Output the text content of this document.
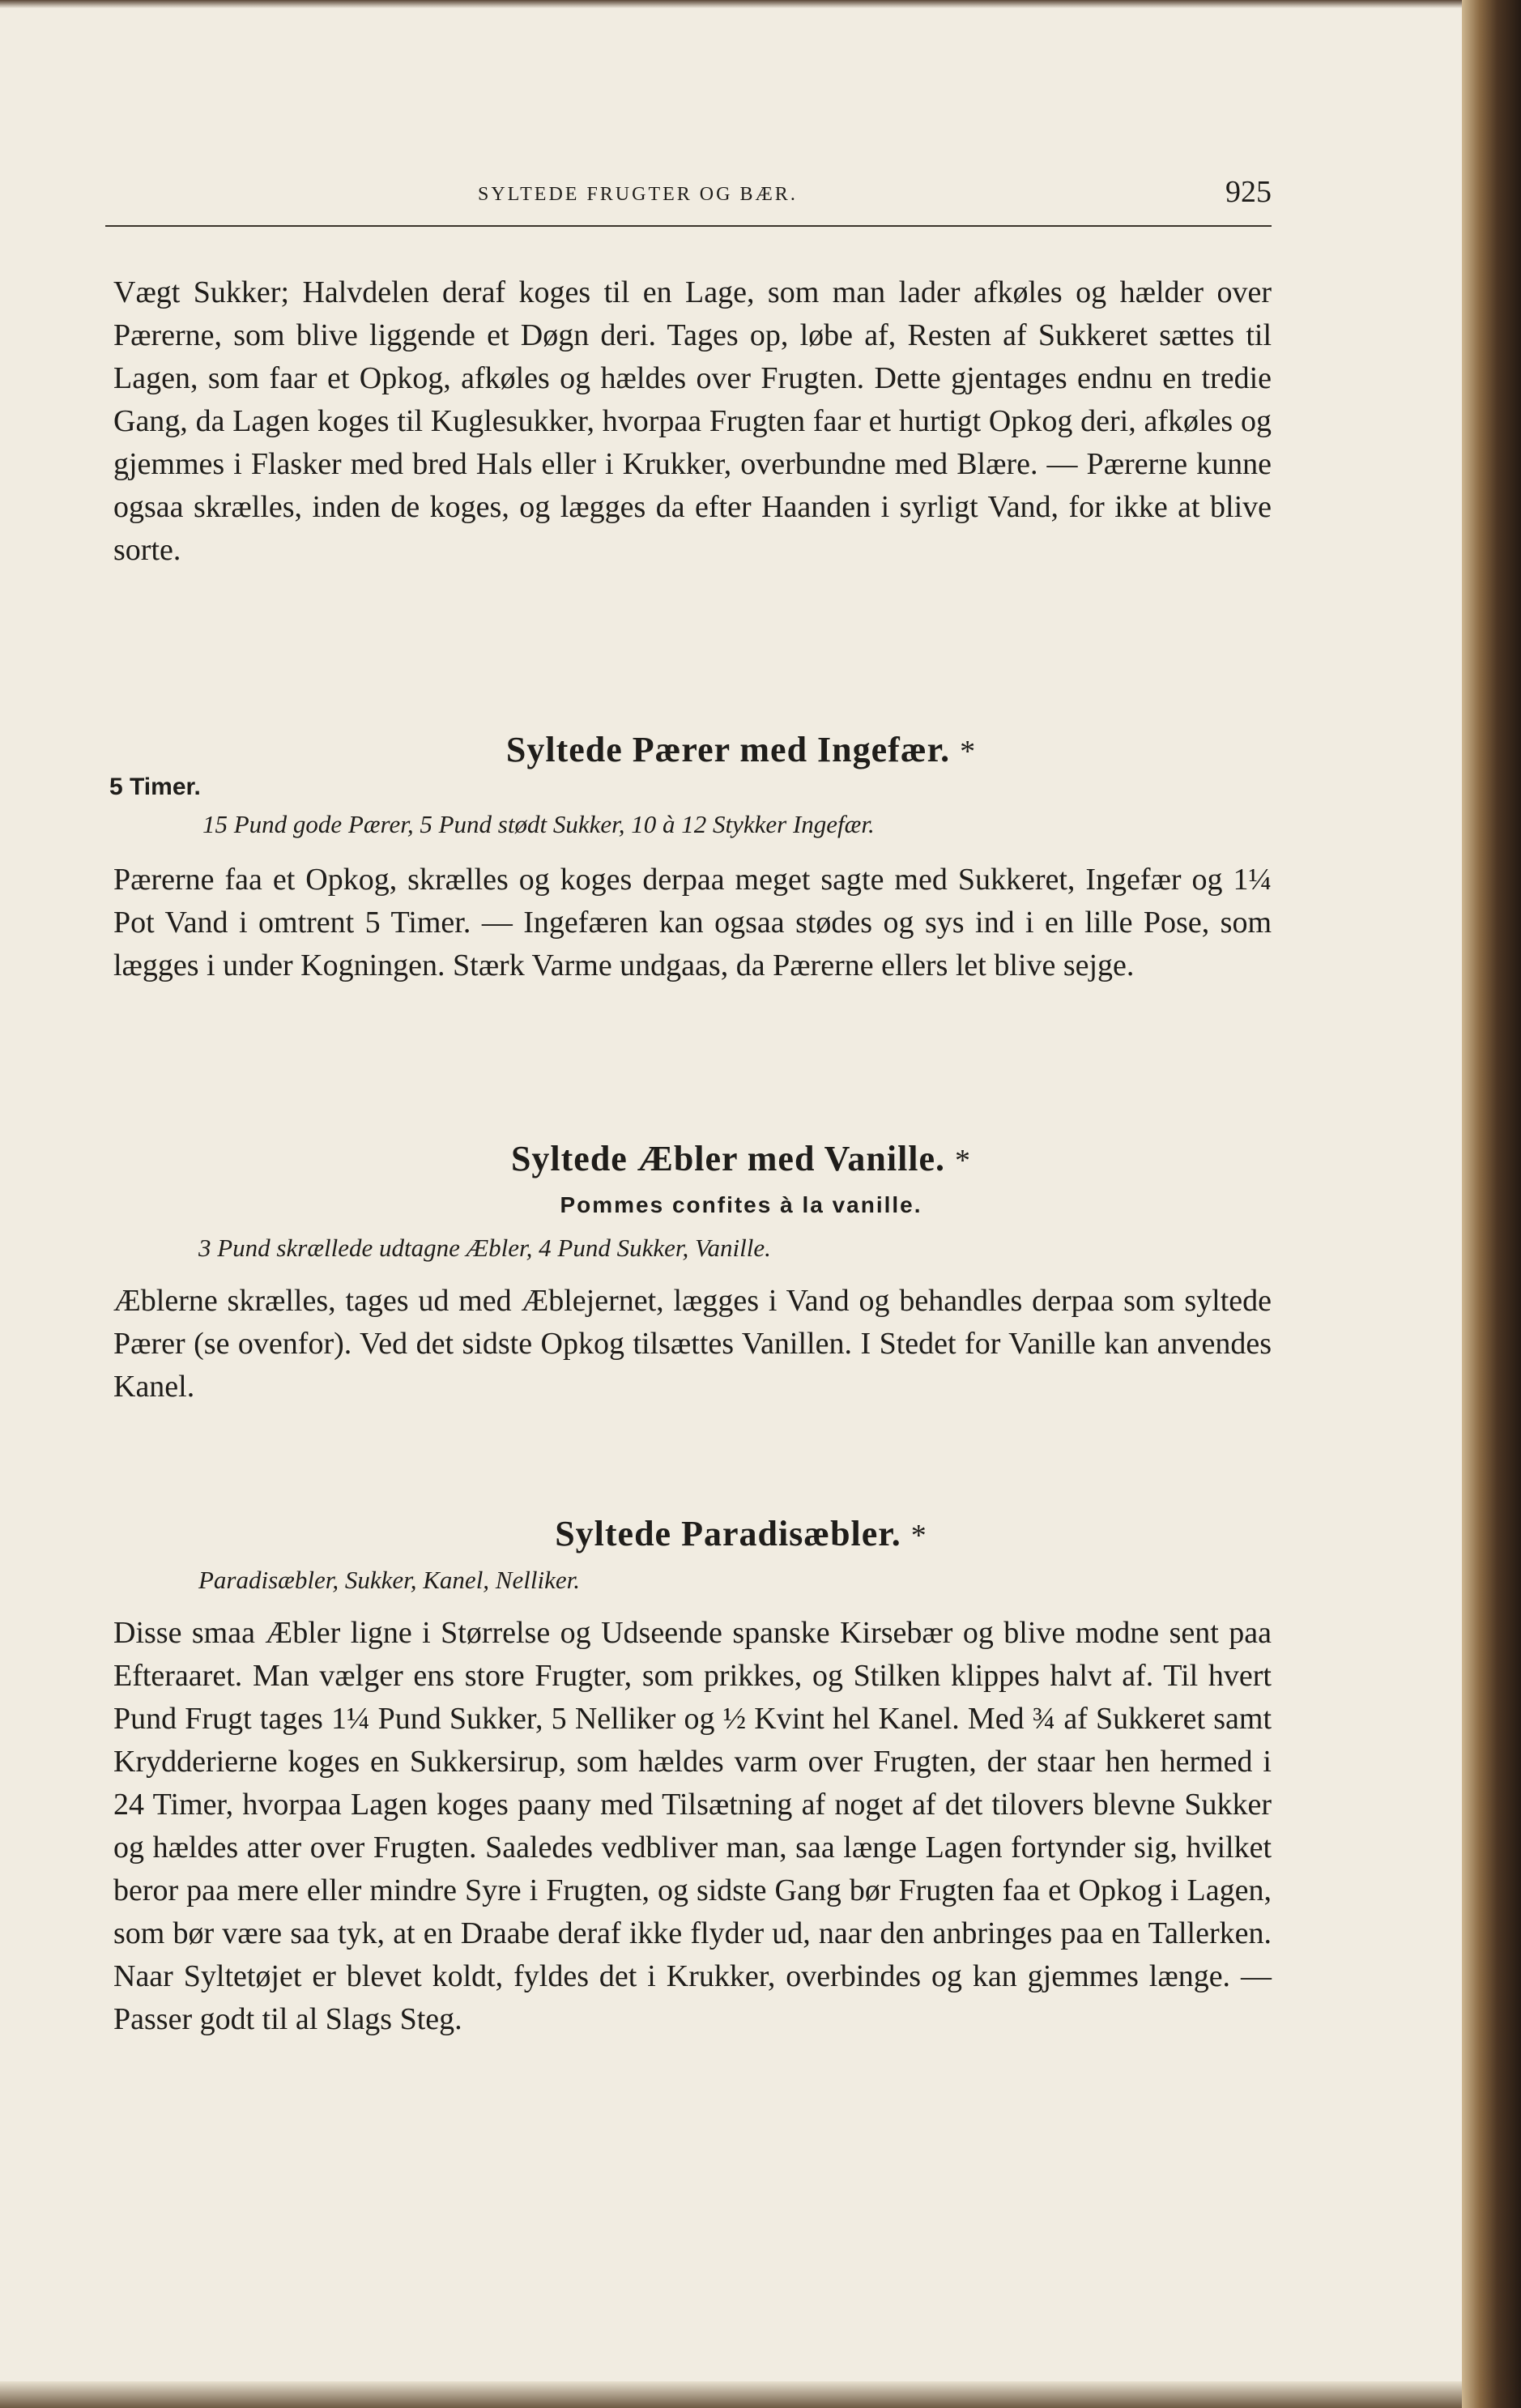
SYLTEDE FRUGTER OG BÆR.	925

Vægt Sukker; Halvdelen deraf koges til en Lage, som man lader afkøles og hælder over Pærerne, som blive liggende et Døgn deri. Tages op, løbe af, Resten af Sukkeret sættes til Lagen, som faar et Opkog, afkøles og hældes over Frugten. Dette gjentages endnu en tredie Gang, da Lagen koges til Kuglesukker, hvorpaa Frugten faar et hurtigt Opkog deri, afkøles og gjemmes i Flasker med bred Hals eller i Krukker, overbundne med Blære. — Pærerne kunne ogsaa skrælles, inden de koges, og lægges da efter Haanden i syrligt Vand, for ikke at blive sorte.

Syltede Pærer med Ingefær. *
5 Timer.
15 Pund gode Pærer, 5 Pund stødt Sukker, 10 à 12 Stykker Ingefær.

Pærerne faa et Opkog, skrælles og koges derpaa meget sagte med Sukkeret, Ingefær og 1¼ Pot Vand i omtrent 5 Timer. — Ingefæren kan ogsaa stødes og sys ind i en lille Pose, som lægges i under Kogningen. Stærk Varme undgaas, da Pærerne ellers let blive sejge.

Syltede Æbler med Vanille. *
Pommes confites à la vanille.
3 Pund skrællede udtagne Æbler, 4 Pund Sukker, Vanille.

Æblerne skrælles, tages ud med Æblejernet, lægges i Vand og behandles derpaa som syltede Pærer (se ovenfor). Ved det sidste Opkog tilsættes Vanillen. I Stedet for Vanille kan anvendes Kanel.

Syltede Paradisæbler. *
Paradisæbler, Sukker, Kanel, Nelliker.

Disse smaa Æbler ligne i Størrelse og Udseende spanske Kirsebær og blive modne sent paa Efteraaret. Man vælger ens store Frugter, som prikkes, og Stilken klippes halvt af. Til hvert Pund Frugt tages 1¼ Pund Sukker, 5 Nelliker og ½ Kvint hel Kanel. Med ¾ af Sukkeret samt Krydderierne koges en Sukkersirup, som hældes varm over Frugten, der staar hen hermed i 24 Timer, hvorpaa Lagen koges paany med Tilsætning af noget af det tilovers blevne Sukker og hældes atter over Frugten. Saaledes vedbliver man, saa længe Lagen fortynder sig, hvilket beror paa mere eller mindre Syre i Frugten, og sidste Gang bør Frugten faa et Opkog i Lagen, som bør være saa tyk, at en Draabe deraf ikke flyder ud, naar den anbringes paa en Tallerken. Naar Syltetøjet er blevet koldt, fyldes det i Krukker, overbindes og kan gjemmes længe. — Passer godt til al Slags Steg.
